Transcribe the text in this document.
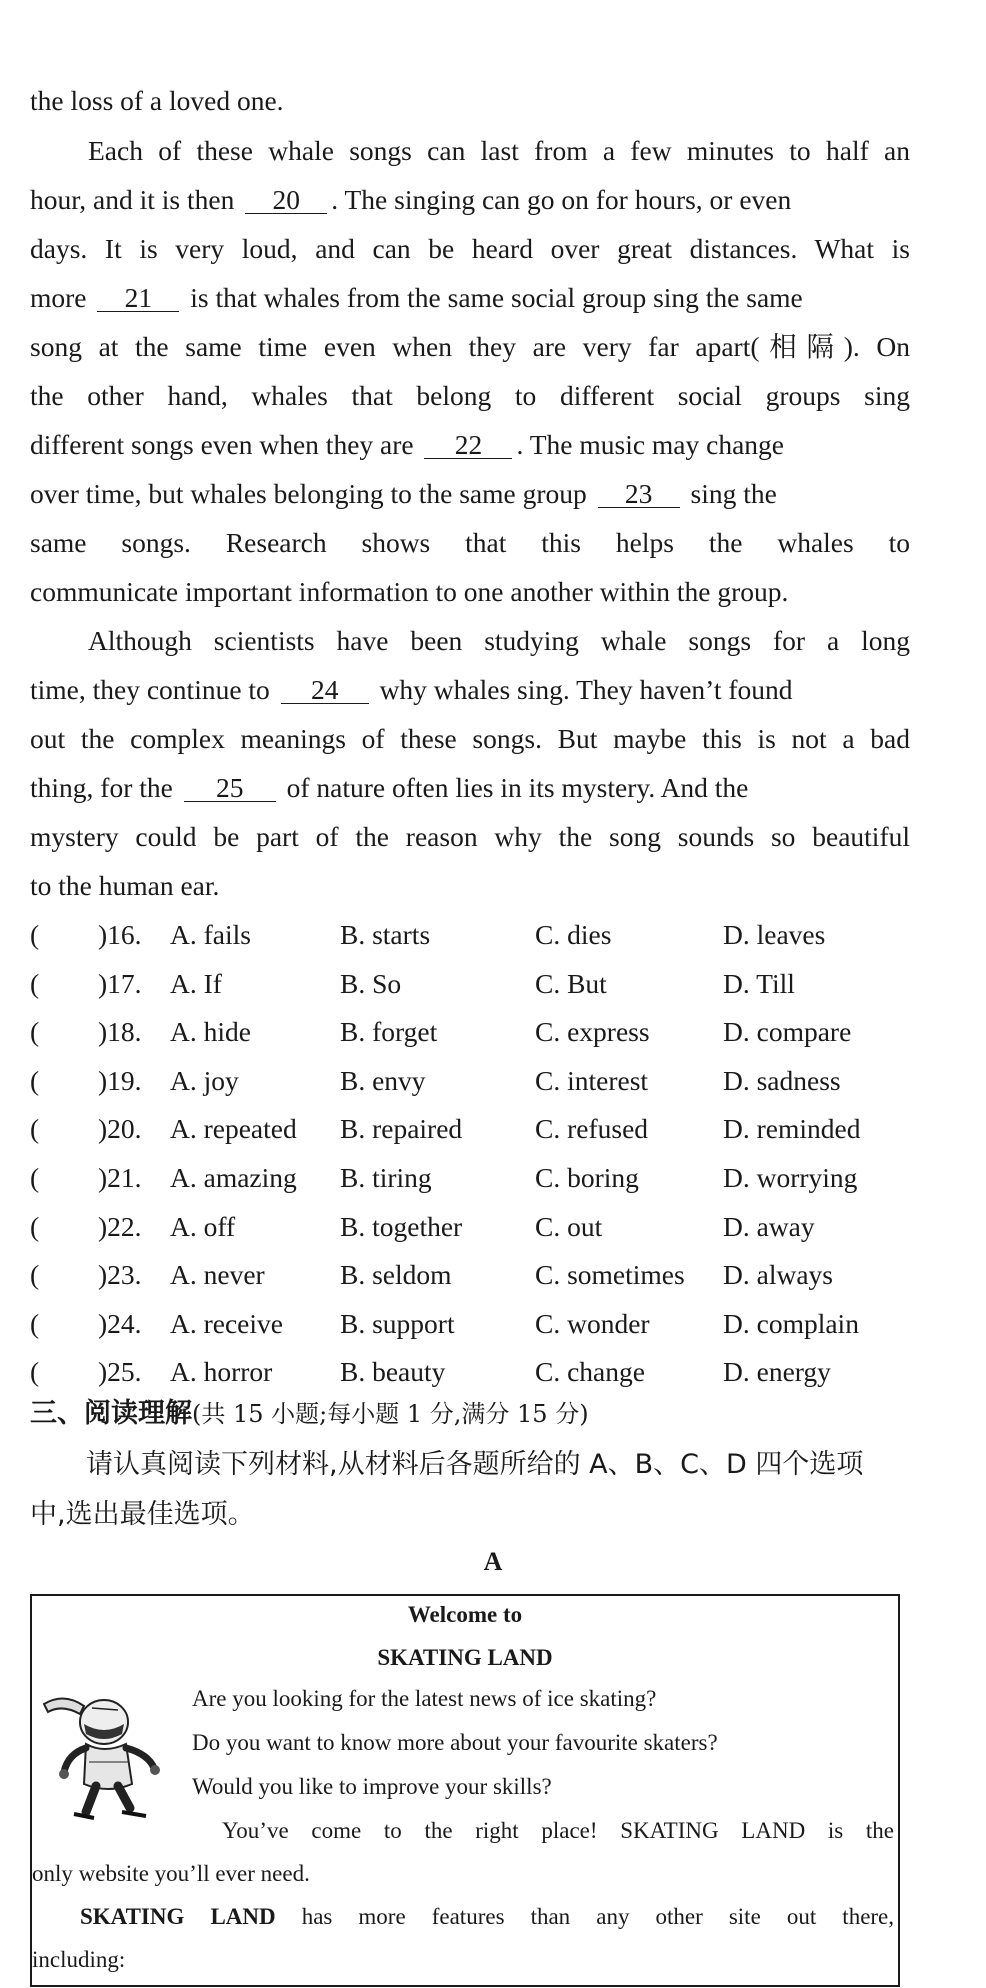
the loss of a loved one.
Each of these whale songs can last from a few minutes to half an
hour, and it is then 20 . The singing can go on for hours, or even
days. It is very loud, and can be heard over great distances. What is
more 21 is that whales from the same social group sing the same
song at the same time even when they are very far apart(相隔). On
the other hand, whales that belong to different social groups sing
different songs even when they are 22 . The music may change
over time, but whales belonging to the same group 23 sing the
same songs. Research shows that this helps the whales to
communicate important information to one another within the group.
Although scientists have been studying whale songs for a long
time, they continue to 24 why whales sing. They haven’t found
out the complex meanings of these songs. But maybe this is not a bad
thing, for the 25 of nature often lies in its mystery. And the
mystery could be part of the reason why the song sounds so beautiful
to the human ear.
( )16. A. fails	B. starts	C. dies	D. leaves
( )17. A. If	B. So	C. But	D. Till
( )18. A. hide	B. forget	C. express	D. compare
( )19. A. joy	B. envy	C. interest	D. sadness
( )20. A. repeated B. repaired	C. refused	D. reminded
( )21. A. amazing B. tiring	C. boring	D. worrying
( )22. A. off	B. together	C. out	D. away
( )23. A. never	B. seldom	C. sometimes D. always
( )24. A. receive B. support	C. wonder	D. complain
( )25. A. horror B. beauty	C. change	D. energy
三、阅读理解(共 15 小题;每小题 1 分,满分 15 分)
请认真阅读下列材料,从材料后各题所给的 A、B、C、D 四个选项
中,选出最佳选项。
A
Welcome to
SKATING LAND
Are you looking for the latest news of ice skating?
Do you want to know more about your favourite skaters?
Would you like to improve your skills?
You’ve come to the right place! SKATING LAND is the
only website you’ll ever need.
SKATING LAND has more features than any other site out there,
including:
